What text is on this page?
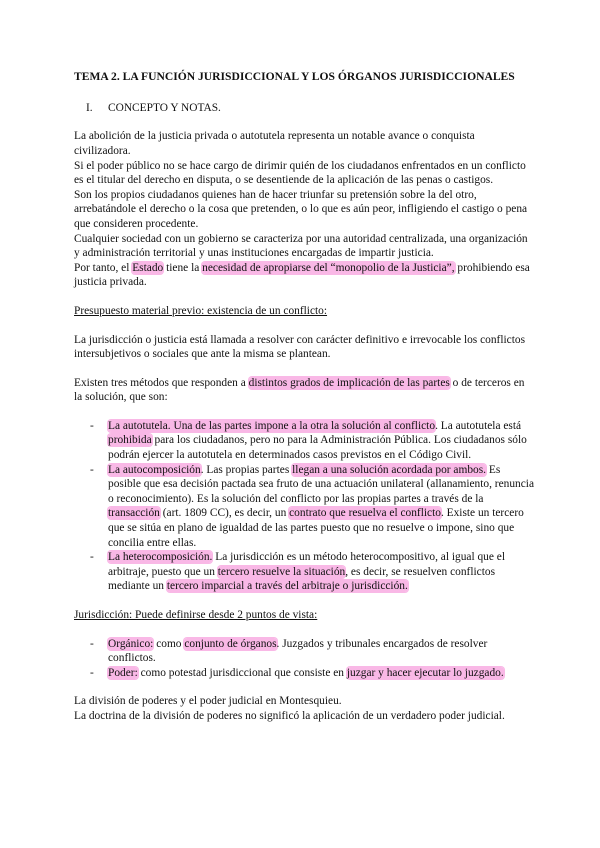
TEMA 2. LA FUNCIÓN JURISDICCIONAL Y LOS ÓRGANOS JURISDICCIONALES
I.	CONCEPTO Y NOTAS.

La abolición de la justicia privada o autotutela representa un notable avance o conquista civilizadora.

Si el poder público no se hace cargo de dirimir quién de los ciudadanos enfrentados en un conflicto es el titular del derecho en disputa, o se desentiende de la aplicación de las penas o castigos.

Son los propios ciudadanos quienes han de hacer triunfar su pretensión sobre la del otro, arrebatándole el derecho o la cosa que pretenden, o lo que es aún peor, infligiendo el castigo o pena que consideren procedente.

Cualquier sociedad con un gobierno se caracteriza por una autoridad centralizada, una organización y administración territorial y unas instituciones encargadas de impartir justicia.

Por tanto, el Estado tiene la necesidad de apropiarse del “monopolio de la Justicia”, prohibiendo esa justicia privada.

Presupuesto material previo: existencia de un conflicto:

La jurisdicción o justicia está llamada a resolver con carácter definitivo e irrevocable los conflictos intersubjetivos o sociales que ante la misma se plantean.

Existen tres métodos que responden a distintos grados de implicación de las partes o de terceros en la solución, que son:

- La autotutela. Una de las partes impone a la otra la solución al conflicto. La autotutela está prohibida para los ciudadanos, pero no para la Administración Pública. Los ciudadanos sólo podrán ejercer la autotutela en determinados casos previstos en el Código Civil.
- La autocomposición. Las propias partes llegan a una solución acordada por ambos. Es posible que esa decisión pactada sea fruto de una actuación unilateral (allanamiento, renuncia o reconocimiento). Es la solución del conflicto por las propias partes a través de la transacción (art. 1809 CC), es decir, un contrato que resuelva el conflicto. Existe un tercero que se sitúa en plano de igualdad de las partes puesto que no resuelve o impone, sino que concilia entre ellas.
- La heterocomposición. La jurisdicción es un método heterocompositivo, al igual que el arbitraje, puesto que un tercero resuelve la situación, es decir, se resuelven conflictos mediante un tercero imparcial a través del arbitraje o jurisdicción.

Jurisdicción: Puede definirse desde 2 puntos de vista:

- Orgánico: como conjunto de órganos. Juzgados y tribunales encargados de resolver conflictos.
- Poder: como potestad jurisdiccional que consiste en juzgar y hacer ejecutar lo juzgado.

La división de poderes y el poder judicial en Montesquieu.

La doctrina de la división de poderes no significó la aplicación de un verdadero poder judicial.
